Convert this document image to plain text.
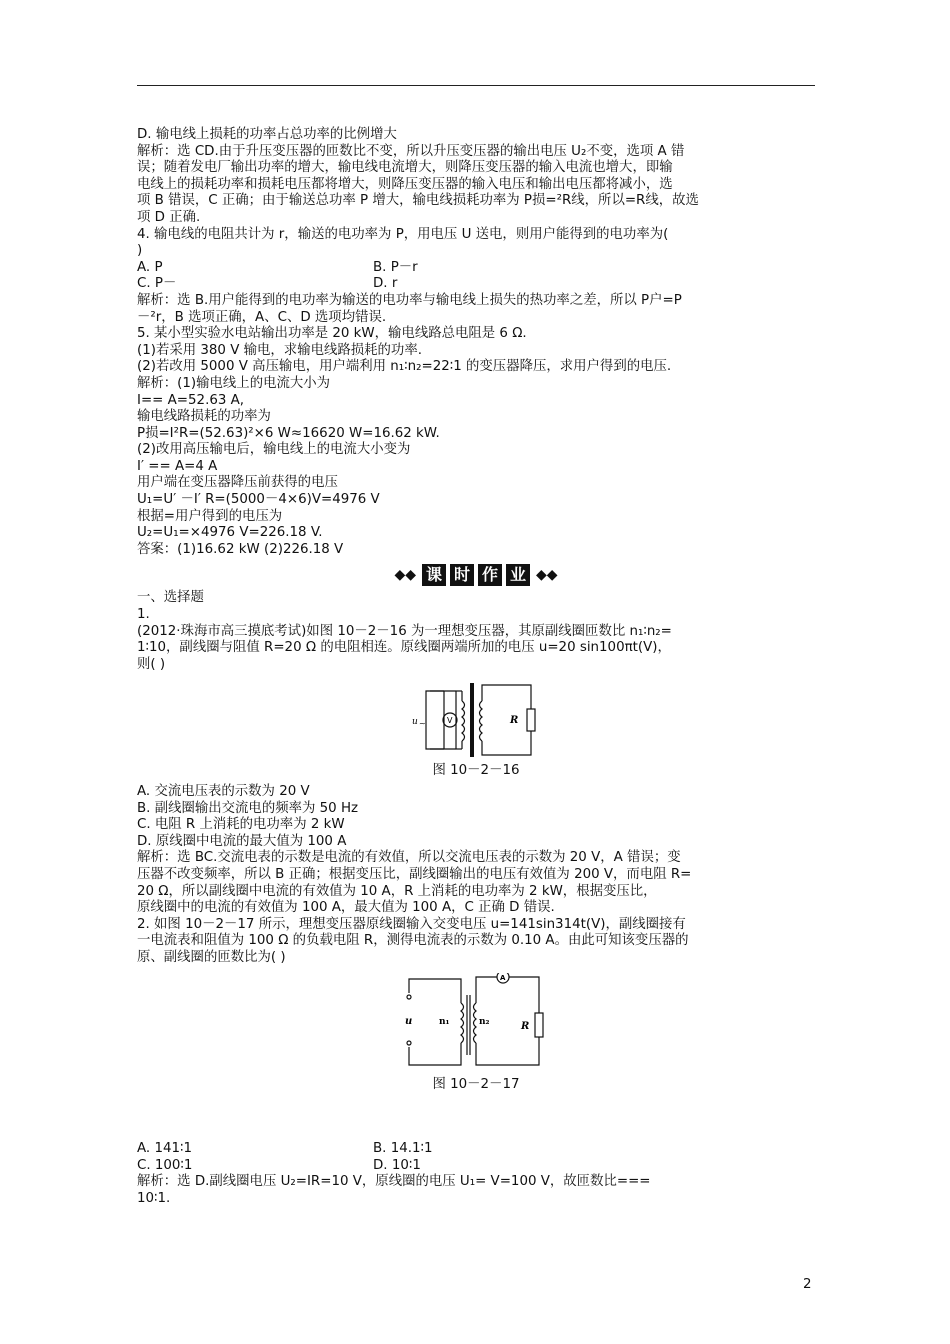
D. 输电线上损耗的功率占总功率的比例增大
解析：选 CD.由于升压变压器的匝数比不变，所以升压变压器的输出电压 U₂不变，选项 A 错
误；随着发电厂输出功率的增大，输电线电流增大，则降压变压器的输入电流也增大，即输
电线上的损耗功率和损耗电压都将增大，则降压变压器的输入电压和输出电压都将减小，选
项 B 错误，C 正确；由于输送总功率 P 增大，输电线损耗功率为 P损=²R线，所以=R线，故选
项 D 正确.
4. 输电线的电阻共计为 r，输送的电功率为 P，用电压 U 送电，则用户能得到的电功率为(
)
A. P	B. P－r
C. P－	D. r
解析：选 B.用户能得到的电功率为输送的电功率与输电线上损失的热功率之差，所以 P户=P
－²r，B 选项正确，A、C、D 选项均错误.
5. 某小型实验水电站输出功率是 20 kW，输电线路总电阻是 6 Ω.
(1)若采用 380 V 输电，求输电线路损耗的功率.
(2)若改用 5000 V 高压输电，用户端利用 n₁∶n₂=22∶1 的变压器降压，求用户得到的电压.
解析：(1)输电线上的电流大小为
I== A=52.63 A,
输电线路损耗的功率为
P损=I²R=(52.63)²×6 W≈16620 W=16.62 kW.
(2)改用高压输电后，输电线上的电流大小变为
I′ == A=4 A
用户端在变压器降压前获得的电压
U₁=U′ －I′ R=(5000－4×6)V=4976 V
根据=用户得到的电压为
U₂=U₁=×4976 V=226.18 V.
答案：(1)16.62 kW (2)226.18 V
◆◆ 课 时 作 业 ◆◆
一、选择题
1.
(2012·珠海市高三摸底考试)如图 10－2－16 为一理想变压器，其原副线圈匝数比 n₁∶n₂=
1∶10，副线圈与阻值 R=20 Ω 的电阻相连。原线圈两端所加的电压 u=20 sin100πt(V)，
则( )
u ~	V	R
图 10－2－16
A. 交流电压表的示数为 20 V
B. 副线圈输出交流电的频率为 50 Hz
C. 电阻 R 上消耗的电功率为 2 kW
D. 原线圈中电流的最大值为 100 A
解析：选 BC.交流电表的示数是电流的有效值，所以交流电压表的示数为 20 V，A 错误；变
压器不改变频率，所以 B 正确；根据变压比，副线圈输出的电压有效值为 200 V，而电阻 R=
20 Ω，所以副线圈中电流的有效值为 10 A，R 上消耗的电功率为 2 kW，根据变压比，
原线圈中的电流的有效值为 100 A，最大值为 100 A，C 正确 D 错误.
2. 如图 10－2－17 所示，理想变压器原线圈输入交变电压 u=141sin314t(V)，副线圈接有
一电流表和阻值为 100 Ω 的负载电阻 R，测得电流表的示数为 0.10 A。由此可知该变压器的
原、副线圈的匝数比为( )
u	n₁	n₂
A
R
图 10－2－17
A. 141∶1	B. 14.1∶1
C. 100∶1	D. 10∶1
解析：选 D.副线圈电压 U₂=IR=10 V，原线圈的电压 U₁= V=100 V，故匝数比===
10∶1.
2
